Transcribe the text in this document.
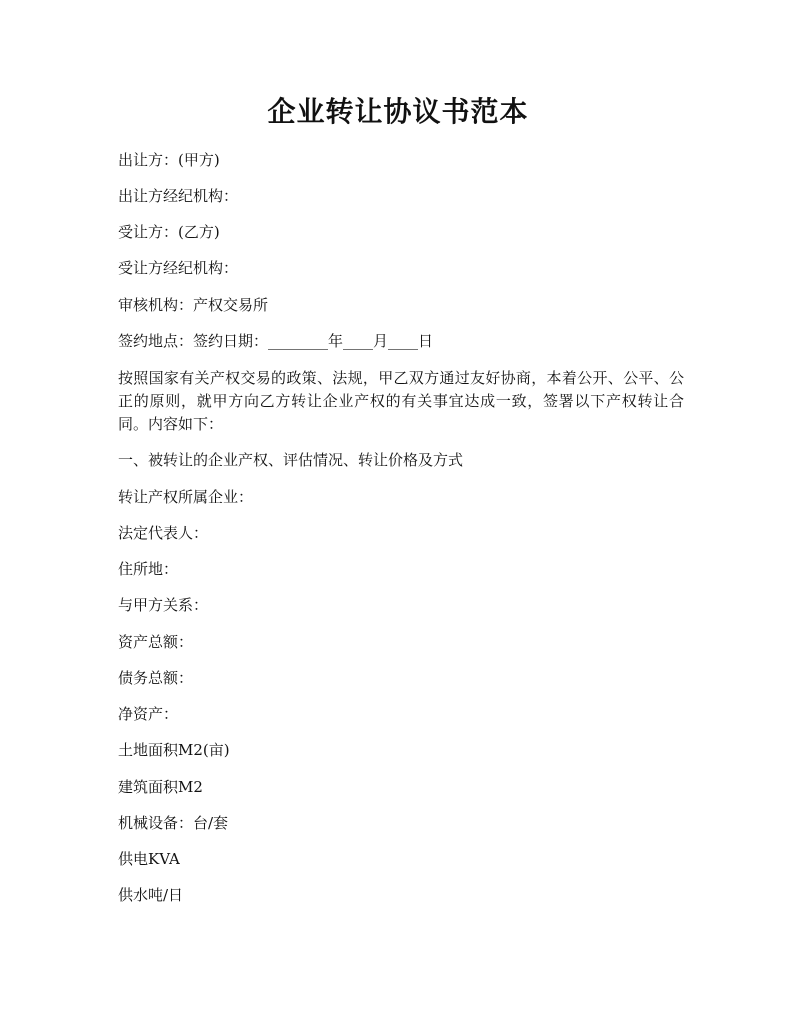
企业转让协议书范本
出让方：(甲方)
出让方经纪机构：
受让方：(乙方)
受让方经纪机构：
审核机构：产权交易所
签约地点：签约日期：________年____月____日
按照国家有关产权交易的政策、法规，甲乙双方通过友好协商，本着公开、公平、公正的原则，就甲方向乙方转让企业产权的有关事宜达成一致，签署以下产权转让合同。内容如下：
一、被转让的企业产权、评估情况、转让价格及方式
转让产权所属企业：
法定代表人：
住所地：
与甲方关系：
资产总额：
债务总额：
净资产：
土地面积M2(亩)
建筑面积M2
机械设备：台/套
供电KVA
供水吨/日
